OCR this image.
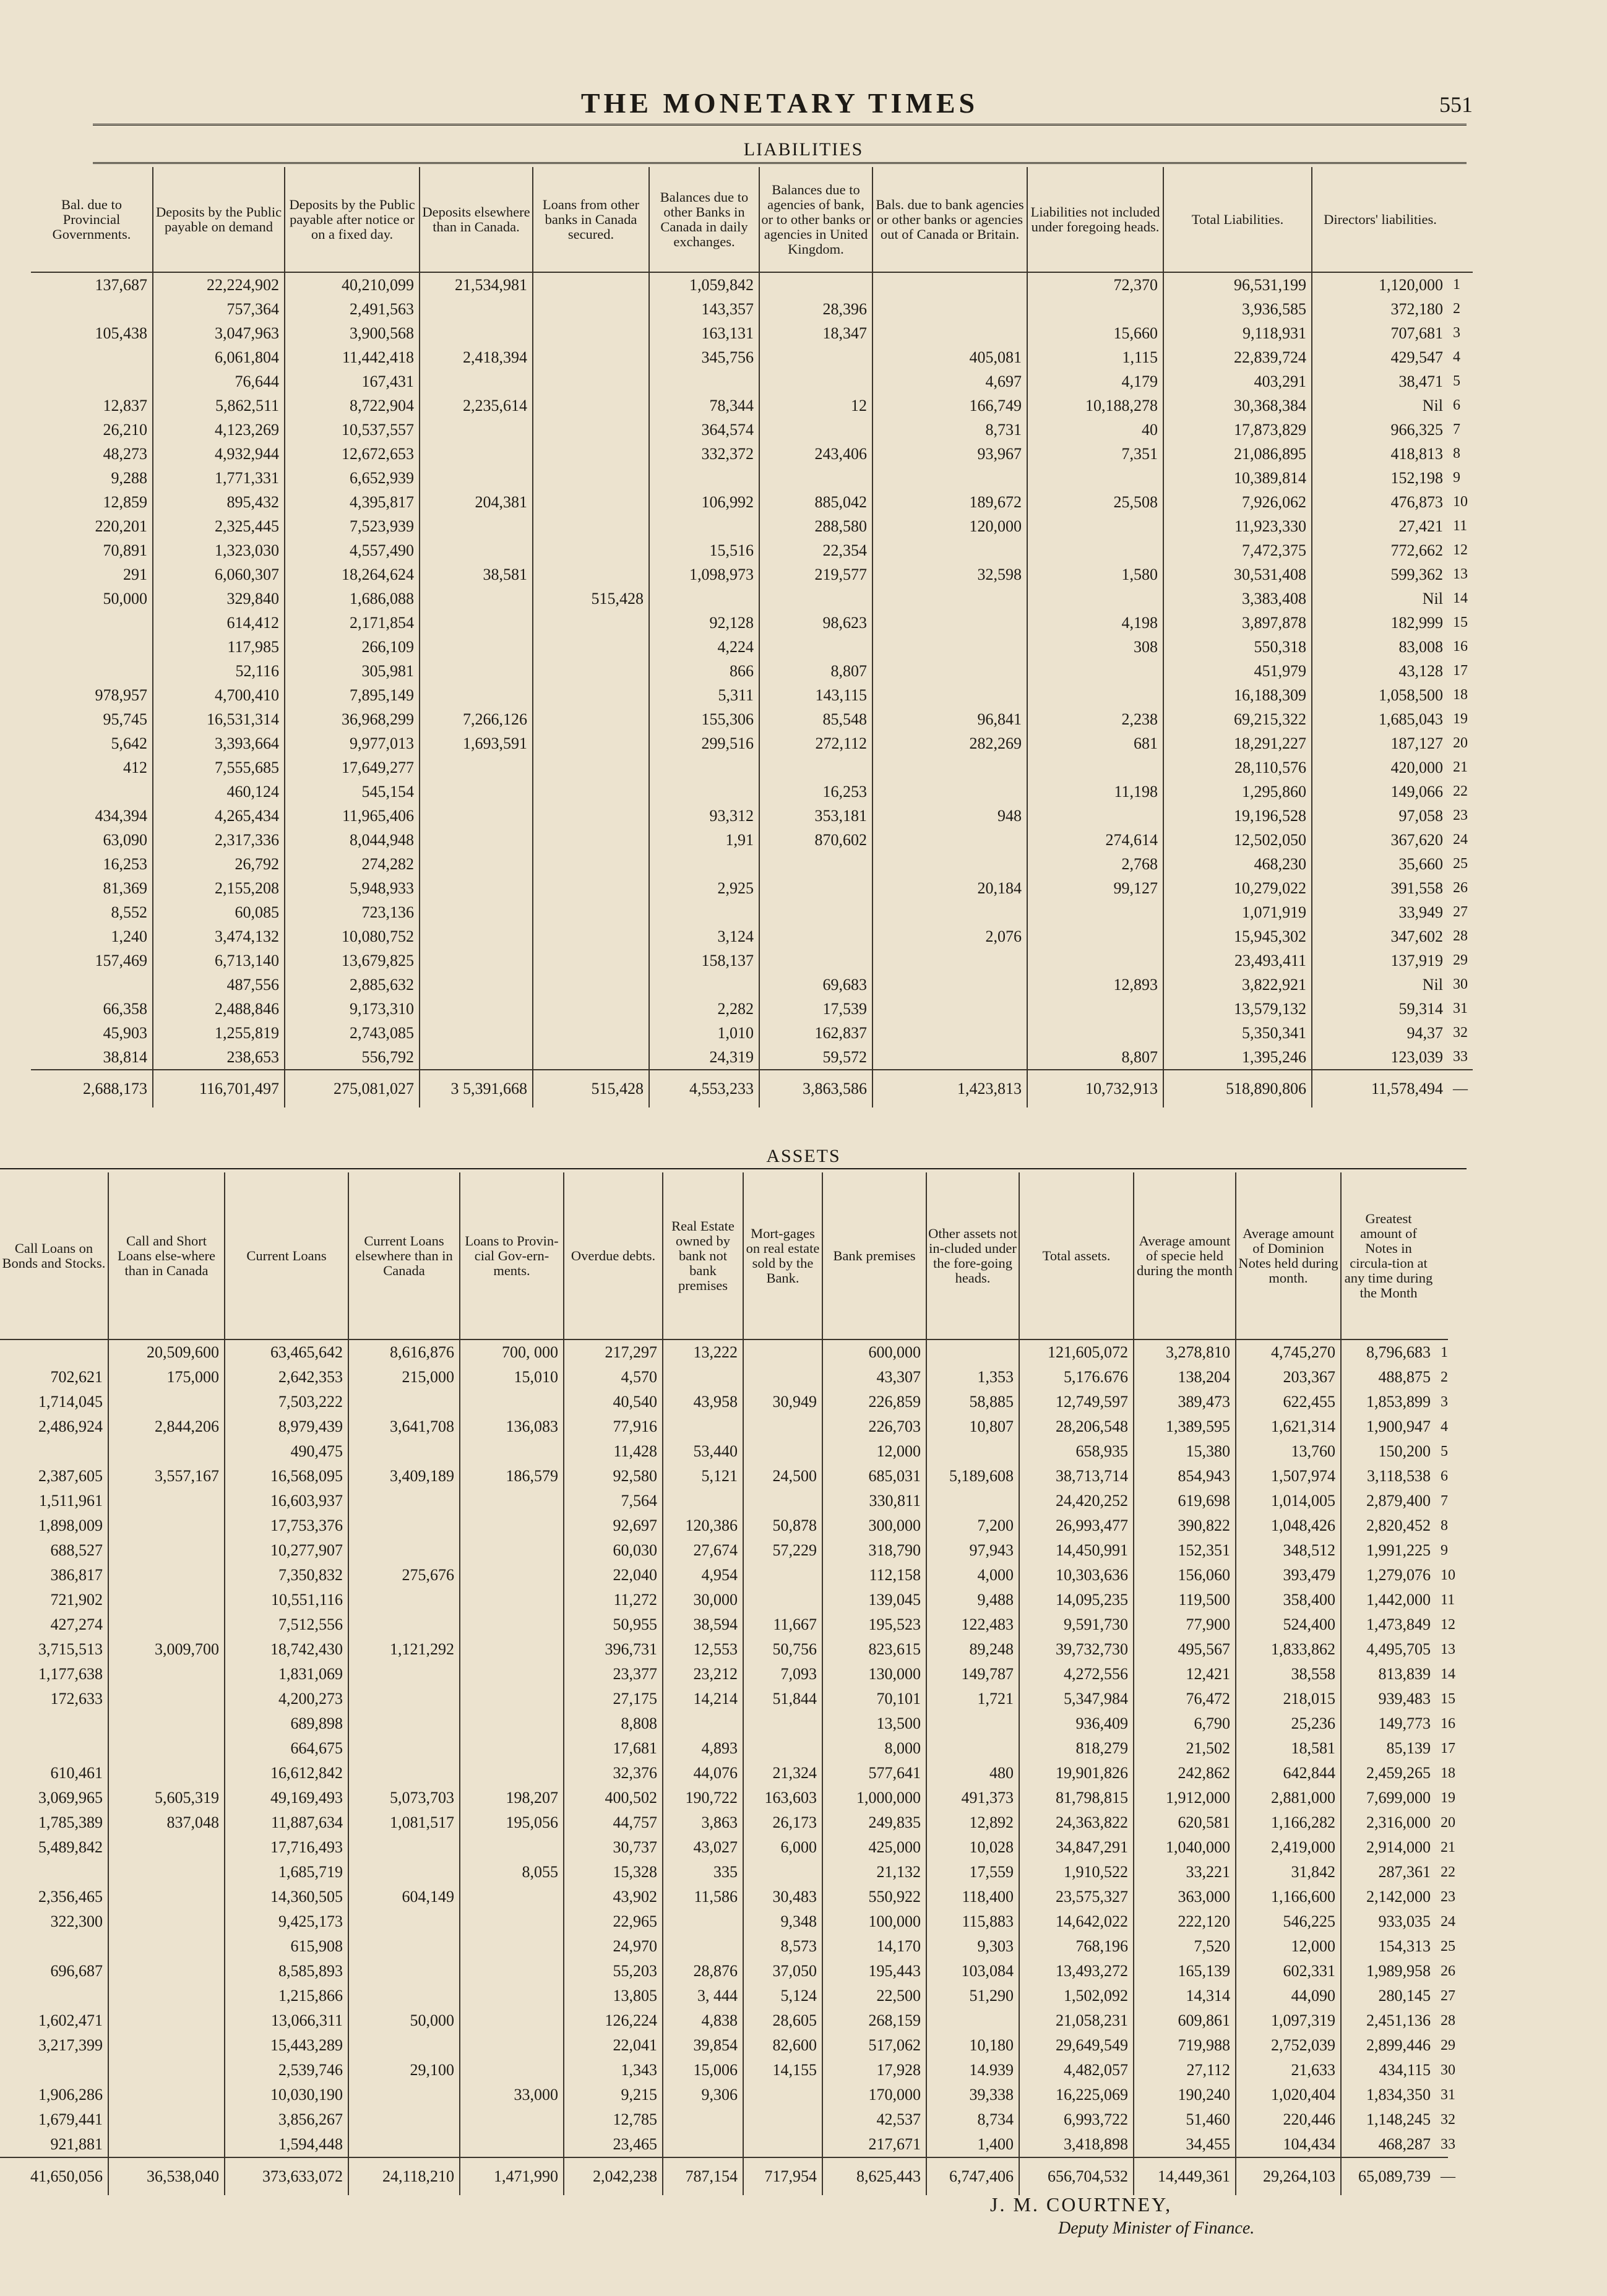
THE MONETARY TIMES	551
LIABILITIES
Bal. due to Provincial Governments.	Deposits by the Public payable on demand	Deposits by the Public payable after notice or on a fixed day.	Deposits elsewhere than in Canada.	Loans from other banks in Canada secured.	Balances due to other Banks in Canada in daily exchanges.	Balances due to agencies of bank, or to other banks or agencies in United Kingdom.	Bals. due to bank agencies or other banks or agencies out of Canada or Britain.	Liabilities not included under foregoing heads.	Total Liabilities.	Directors' liabilities.	
137,687	22,224,902	40,210,099	21,534,981		1,059,842			72,370	96,531,199	1,120,000	1
	757,364	2,491,563			143,357	28,396			3,936,585	372,180	2
105,438	3,047,963	3,900,568			163,131	18,347		15,660	9,118,931	707,681	3
	6,061,804	11,442,418	2,418,394		345,756		405,081	1,115	22,839,724	429,547	4
	76,644	167,431					4,697	4,179	403,291	38,471	5
12,837	5,862,511	8,722,904	2,235,614		78,344	12	166,749	10,188,278	30,368,384	Nil	6
26,210	4,123,269	10,537,557			364,574		8,731	40	17,873,829	966,325	7
48,273	4,932,944	12,672,653			332,372	243,406	93,967	7,351	21,086,895	418,813	8
9,288	1,771,331	6,652,939							10,389,814	152,198	9
12,859	895,432	4,395,817	204,381		106,992	885,042	189,672	25,508	7,926,062	476,873	10
220,201	2,325,445	7,523,939				288,580	120,000		11,923,330	27,421	11
70,891	1,323,030	4,557,490			15,516	22,354			7,472,375	772,662	12
291	6,060,307	18,264,624	38,581		1,098,973	219,577	32,598	1,580	30,531,408	599,362	13
50,000	329,840	1,686,088		515,428					3,383,408	Nil	14
	614,412	2,171,854			92,128	98,623		4,198	3,897,878	182,999	15
	117,985	266,109			4,224			308	550,318	83,008	16
	52,116	305,981			866	8,807			451,979	43,128	17
978,957	4,700,410	7,895,149			5,311	143,115			16,188,309	1,058,500	18
95,745	16,531,314	36,968,299	7,266,126		155,306	85,548	96,841	2,238	69,215,322	1,685,043	19
5,642	3,393,664	9,977,013	1,693,591		299,516	272,112	282,269	681	18,291,227	187,127	20
412	7,555,685	17,649,277							28,110,576	420,000	21
	460,124	545,154				16,253		11,198	1,295,860	149,066	22
434,394	4,265,434	11,965,406			93,312	353,181	948		19,196,528	97,058	23
63,090	2,317,336	8,044,948			1,91	870,602		274,614	12,502,050	367,620	24
16,253	26,792	274,282						2,768	468,230	35,660	25
81,369	2,155,208	5,948,933			2,925		20,184	99,127	10,279,022	391,558	26
8,552	60,085	723,136							1,071,919	33,949	27
1,240	3,474,132	10,080,752			3,124		2,076		15,945,302	347,602	28
157,469	6,713,140	13,679,825			158,137				23,493,411	137,919	29
	487,556	2,885,632				69,683		12,893	3,822,921	Nil	30
66,358	2,488,846	9,173,310			2,282	17,539			13,579,132	59,314	31
45,903	1,255,819	2,743,085			1,010	162,837			5,350,341	94,37	32
38,814	238,653	556,792			24,319	59,572		8,807	1,395,246	123,039	33
2,688,173	116,701,497	275,081,027	3 5,391,668	515,428	4,553,233	3,863,586	1,423,813	10,732,913	518,890,806	11,578,494	—
ASSETS
Call Loans on Bonds and Stocks.	Call and Short Loans else-where than in Canada	Current Loans	Current Loans elsewhere than in Canada	Loans to Provin-cial Gov-ern-ments.	Overdue debts.	Real Estate owned by bank not bank premises	Mort-gages on real estate sold by the Bank.	Bank premises	Other assets not in-cluded under the fore-going heads.	Total assets.	Average amount of specie held during the month	Average amount of Dominion Notes held during month.	Greatest amount of Notes in circula-tion at any time during the Month	
	20,509,600	63,465,642	8,616,876	700, 000	217,297	13,222		600,000		121,605,072	3,278,810	4,745,270	8,796,683	1
702,621	175,000	2,642,353	215,000	15,010	4,570			43,307	1,353	5,176.676	138,204	203,367	488,875	2
1,714,045		7,503,222			40,540	43,958	30,949	226,859	58,885	12,749,597	389,473	622,455	1,853,899	3
2,486,924	2,844,206	8,979,439	3,641,708	136,083	77,916			226,703	10,807	28,206,548	1,389,595	1,621,314	1,900,947	4
		490,475			11,428	53,440		12,000		658,935	15,380	13,760	150,200	5
2,387,605	3,557,167	16,568,095	3,409,189	186,579	92,580	5,121	24,500	685,031	5,189,608	38,713,714	854,943	1,507,974	3,118,538	6
1,511,961		16,603,937			7,564			330,811		24,420,252	619,698	1,014,005	2,879,400	7
1,898,009		17,753,376			92,697	120,386	50,878	300,000	7,200	26,993,477	390,822	1,048,426	2,820,452	8
688,527		10,277,907			60,030	27,674	57,229	318,790	97,943	14,450,991	152,351	348,512	1,991,225	9
386,817		7,350,832	275,676		22,040	4,954		112,158	4,000	10,303,636	156,060	393,479	1,279,076	10
721,902		10,551,116			11,272	30,000		139,045	9,488	14,095,235	119,500	358,400	1,442,000	11
427,274		7,512,556			50,955	38,594	11,667	195,523	122,483	9,591,730	77,900	524,400	1,473,849	12
3,715,513	3,009,700	18,742,430	1,121,292		396,731	12,553	50,756	823,615	89,248	39,732,730	495,567	1,833,862	4,495,705	13
1,177,638		1,831,069			23,377	23,212	7,093	130,000	149,787	4,272,556	12,421	38,558	813,839	14
172,633		4,200,273			27,175	14,214	51,844	70,101	1,721	5,347,984	76,472	218,015	939,483	15
		689,898			8,808			13,500		936,409	6,790	25,236	149,773	16
		664,675			17,681	4,893		8,000		818,279	21,502	18,581	85,139	17
610,461		16,612,842			32,376	44,076	21,324	577,641	480	19,901,826	242,862	642,844	2,459,265	18
3,069,965	5,605,319	49,169,493	5,073,703	198,207	400,502	190,722	163,603	1,000,000	491,373	81,798,815	1,912,000	2,881,000	7,699,000	19
1,785,389	837,048	11,887,634	1,081,517	195,056	44,757	3,863	26,173	249,835	12,892	24,363,822	620,581	1,166,282	2,316,000	20
5,489,842		17,716,493			30,737	43,027	6,000	425,000	10,028	34,847,291	1,040,000	2,419,000	2,914,000	21
		1,685,719		8,055	15,328	335		21,132	17,559	1,910,522	33,221	31,842	287,361	22
2,356,465		14,360,505	604,149		43,902	11,586	30,483	550,922	118,400	23,575,327	363,000	1,166,600	2,142,000	23
322,300		9,425,173			22,965		9,348	100,000	115,883	14,642,022	222,120	546,225	933,035	24
		615,908			24,970		8,573	14,170	9,303	768,196	7,520	12,000	154,313	25
696,687		8,585,893			55,203	28,876	37,050	195,443	103,084	13,493,272	165,139	602,331	1,989,958	26
		1,215,866			13,805	3, 444	5,124	22,500	51,290	1,502,092	14,314	44,090	280,145	27
1,602,471		13,066,311	50,000		126,224	4,838	28,605	268,159		21,058,231	609,861	1,097,319	2,451,136	28
3,217,399		15,443,289			22,041	39,854	82,600	517,062	10,180	29,649,549	719,988	2,752,039	2,899,446	29
		2,539,746	29,100		1,343	15,006	14,155	17,928	14.939	4,482,057	27,112	21,633	434,115	30
1,906,286		10,030,190		33,000	9,215	9,306		170,000	39,338	16,225,069	190,240	1,020,404	1,834,350	31
1,679,441		3,856,267			12,785			42,537	8,734	6,993,722	51,460	220,446	1,148,245	32
921,881		1,594,448			23,465			217,671	1,400	3,418,898	34,455	104,434	468,287	33
41,650,056	36,538,040	373,633,072	24,118,210	1,471,990	2,042,238	787,154	717,954	8,625,443	6,747,406	656,704,532	14,449,361	29,264,103	65,089,739	—
J. M. COURTNEY,
Deputy Minister of Finance.
